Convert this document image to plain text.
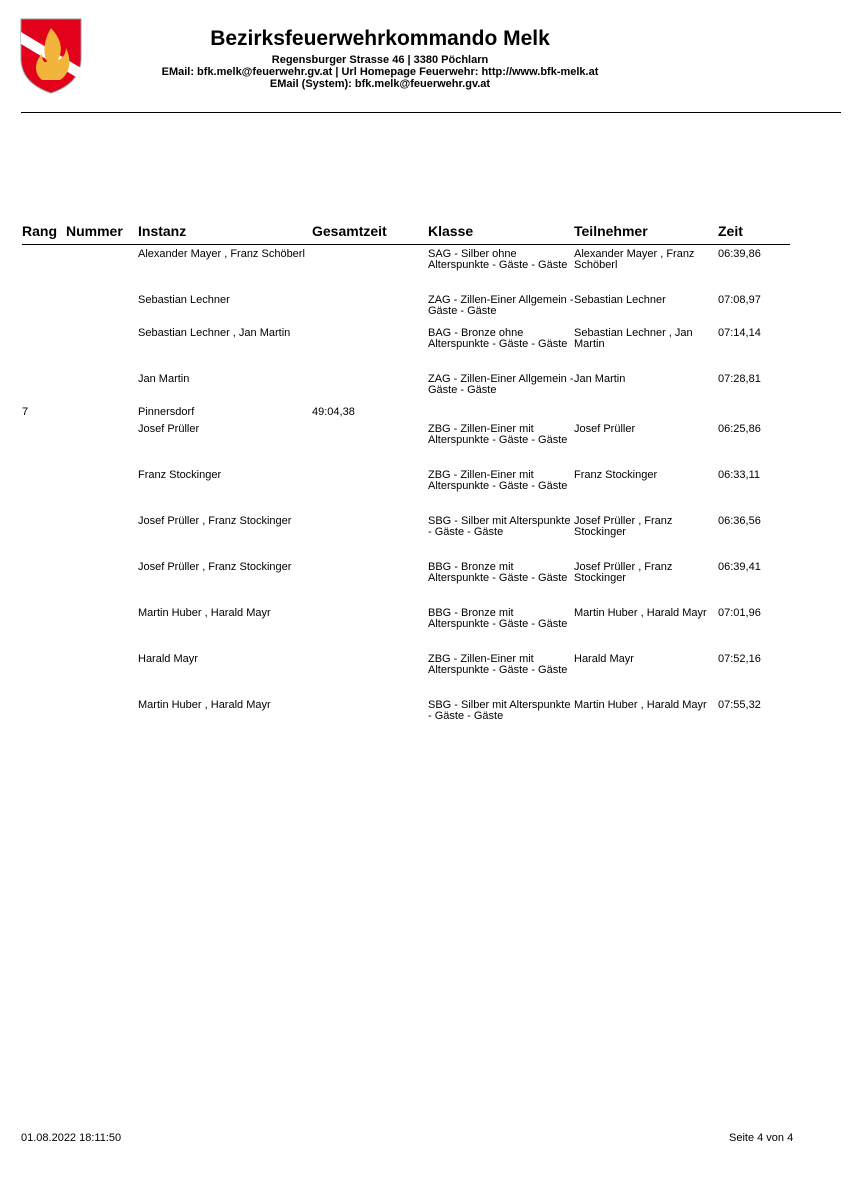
Bezirksfeuerwehrkommando Melk
Regensburger Strasse 46 | 3380 Pöchlarn
EMail: bfk.melk@feuerwehr.gv.at | Url Homepage Feuerwehr: http://www.bfk-melk.at
EMail (System): bfk.melk@feuerwehr.gv.at
Rang	Nummer	Instanz	Gesamtzeit	Klasse	Teilnehmer	Zeit
		Alexander Mayer , Franz Schöberl		SAG - Silber ohne Alterspunkte - Gäste - Gäste	Alexander Mayer , Franz Schöberl	06:39,86
		Sebastian Lechner		ZAG - Zillen-Einer Allgemein - Gäste - Gäste	Sebastian Lechner	07:08,97
		Sebastian Lechner , Jan Martin		BAG - Bronze ohne Alterspunkte - Gäste - Gäste	Sebastian Lechner , Jan Martin	07:14,14
		Jan Martin		ZAG - Zillen-Einer Allgemein - Gäste - Gäste	Jan Martin	07:28,81
7		Pinnersdorf	49:04,38			
		Josef Prüller		ZBG - Zillen-Einer mit Alterspunkte - Gäste - Gäste	Josef Prüller	06:25,86
		Franz Stockinger		ZBG - Zillen-Einer mit Alterspunkte - Gäste - Gäste	Franz Stockinger	06:33,11
		Josef Prüller , Franz Stockinger		SBG - Silber mit Alterspunkte - Gäste - Gäste	Josef Prüller , Franz Stockinger	06:36,56
		Josef Prüller , Franz Stockinger		BBG - Bronze mit Alterspunkte - Gäste - Gäste	Josef Prüller , Franz Stockinger	06:39,41
		Martin Huber , Harald Mayr		BBG - Bronze mit Alterspunkte - Gäste - Gäste	Martin Huber , Harald Mayr	07:01,96
		Harald Mayr		ZBG - Zillen-Einer mit Alterspunkte - Gäste - Gäste	Harald Mayr	07:52,16
		Martin Huber , Harald Mayr		SBG - Silber mit Alterspunkte - Gäste - Gäste	Martin Huber , Harald Mayr	07:55,32
01.08.2022 18:11:50	Seite 4 von 4
